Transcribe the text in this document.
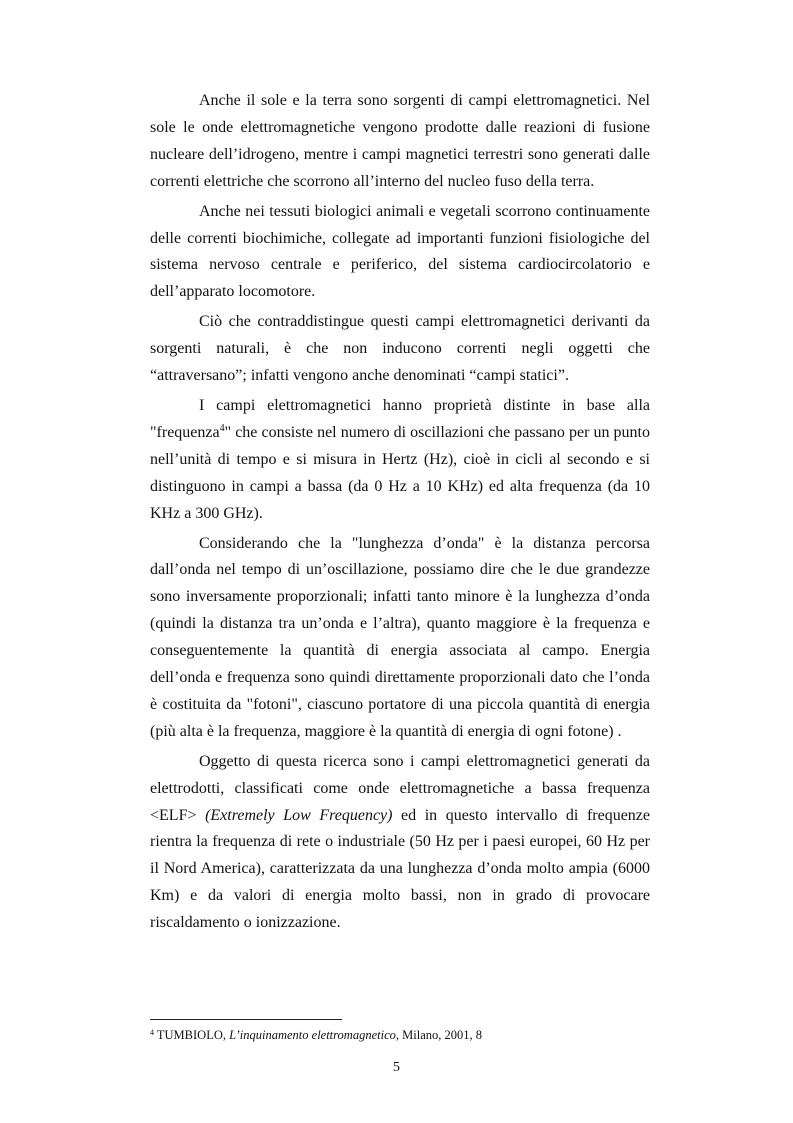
Anche il sole e la terra sono sorgenti di campi elettromagnetici. Nel sole le onde elettromagnetiche vengono prodotte dalle reazioni di fusione nucleare dell’idrogeno, mentre i campi magnetici terrestri sono generati dalle correnti elettriche che scorrono all’interno del nucleo fuso della terra.

Anche nei tessuti biologici animali e vegetali scorrono continuamente delle correnti biochimiche, collegate ad importanti funzioni fisiologiche del sistema nervoso centrale e periferico, del sistema cardiocircolatorio e dell’apparato locomotore.

Ciò che contraddistingue questi campi elettromagnetici derivanti da sorgenti naturali, è che non inducono correnti negli oggetti che “attraversano”; infatti vengono anche denominati “campi statici”.

I campi elettromagnetici hanno proprietà distinte in base alla "frequenza$^4$" che consiste nel numero di oscillazioni che passano per un punto nell’unità di tempo e si misura in Hertz (Hz), cioè in cicli al secondo e si distinguono in campi a bassa (da 0 Hz a 10 KHz) ed alta frequenza (da 10 KHz a 300 GHz).

Considerando che la "lunghezza d’onda" è la distanza percorsa dall’onda nel tempo di un’oscillazione, possiamo dire che le due grandezze sono inversamente proporzionali; infatti tanto minore è la lunghezza d’onda (quindi la distanza tra un’onda e l’altra), quanto maggiore è la frequenza e conseguentemente la quantità di energia associata al campo. Energia dell’onda e frequenza sono quindi direttamente proporzionali dato che l’onda è costituita da "fotoni", ciascuno portatore di una piccola quantità di energia (più alta è la frequenza, maggiore è la quantità di energia di ogni fotone) .

Oggetto di questa ricerca sono i campi elettromagnetici generati da elettrodotti, classificati come onde elettromagnetiche a bassa frequenza <ELF> (Extremely Low Frequency) ed in questo intervallo di frequenze rientra la frequenza di rete o industriale (50 Hz per i paesi europei, 60 Hz per il Nord America), caratterizzata da una lunghezza d’onda molto ampia (6000 Km) e da valori di energia molto bassi, non in grado di provocare riscaldamento o ionizzazione.

$^4$ TUMBIOLO, L’inquinamento elettromagnetico, Milano, 2001, 8
5
